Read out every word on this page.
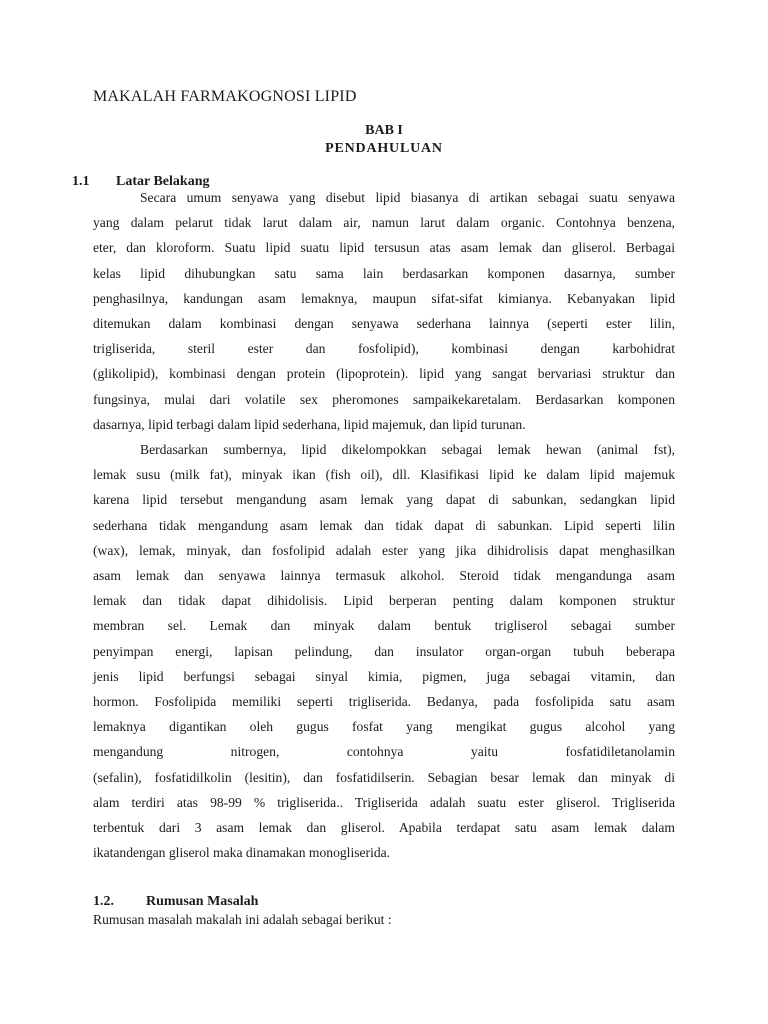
MAKALAH FARMAKOGNOSI LIPID
BAB I
PENDAHULUAN
1.1 Latar Belakang
Secara umum senyawa yang disebut lipid biasanya di artikan sebagai suatu senyawa
yang dalam pelarut tidak larut dalam air, namun larut dalam organic. Contohnya benzena,
eter, dan kloroform. Suatu lipid suatu lipid tersusun atas asam lemak dan gliserol. Berbagai
kelas lipid dihubungkan satu sama lain berdasarkan komponen dasarnya, sumber
penghasilnya, kandungan asam lemaknya, maupun sifat-sifat kimianya. Kebanyakan lipid
ditemukan dalam kombinasi dengan senyawa sederhana lainnya (seperti ester lilin,
trigliserida, steril ester dan fosfolipid), kombinasi dengan karbohidrat
(glikolipid), kombinasi dengan protein (lipoprotein). lipid yang sangat bervariasi struktur dan
fungsinya, mulai dari volatile sex pheromones sampaikekaretalam. Berdasarkan komponen
dasarnya, lipid terbagi dalam lipid sederhana, lipid majemuk, dan lipid turunan.
Berdasarkan sumbernya, lipid dikelompokkan sebagai lemak hewan (animal fst),
lemak susu (milk fat), minyak ikan (fish oil), dll. Klasifikasi lipid ke dalam lipid majemuk
karena lipid tersebut mengandung asam lemak yang dapat di sabunkan, sedangkan lipid
sederhana tidak mengandung asam lemak dan tidak dapat di sabunkan. Lipid seperti lilin
(wax), lemak, minyak, dan fosfolipid adalah ester yang jika dihidrolisis dapat menghasilkan
asam lemak dan senyawa lainnya termasuk alkohol. Steroid tidak mengandunga asam
lemak dan tidak dapat dihidolisis. Lipid berperan penting dalam komponen struktur
membran sel. Lemak dan minyak dalam bentuk trigliserol sebagai sumber
penyimpan energi, lapisan pelindung, dan insulator organ-organ tubuh beberapa
jenis lipid berfungsi sebagai sinyal kimia, pigmen, juga sebagai vitamin, dan
hormon. Fosfolipida memiliki seperti trigliserida. Bedanya, pada fosfolipida satu asam
lemaknya digantikan oleh gugus fosfat yang mengikat gugus alcohol yang
mengandung nitrogen, contohnya yaitu fosfatidiletanolamin
(sefalin), fosfatidilkolin (lesitin), dan fosfatidilserin. Sebagian besar lemak dan minyak di
alam terdiri atas 98-99 % trigliserida.. Trigliserida adalah suatu ester gliserol. Trigliserida
terbentuk dari 3 asam lemak dan gliserol. Apabila terdapat satu asam lemak dalam
ikatandengan gliserol maka dinamakan monogliserida.
1.2. Rumusan Masalah
Rumusan masalah makalah ini adalah sebagai berikut :
